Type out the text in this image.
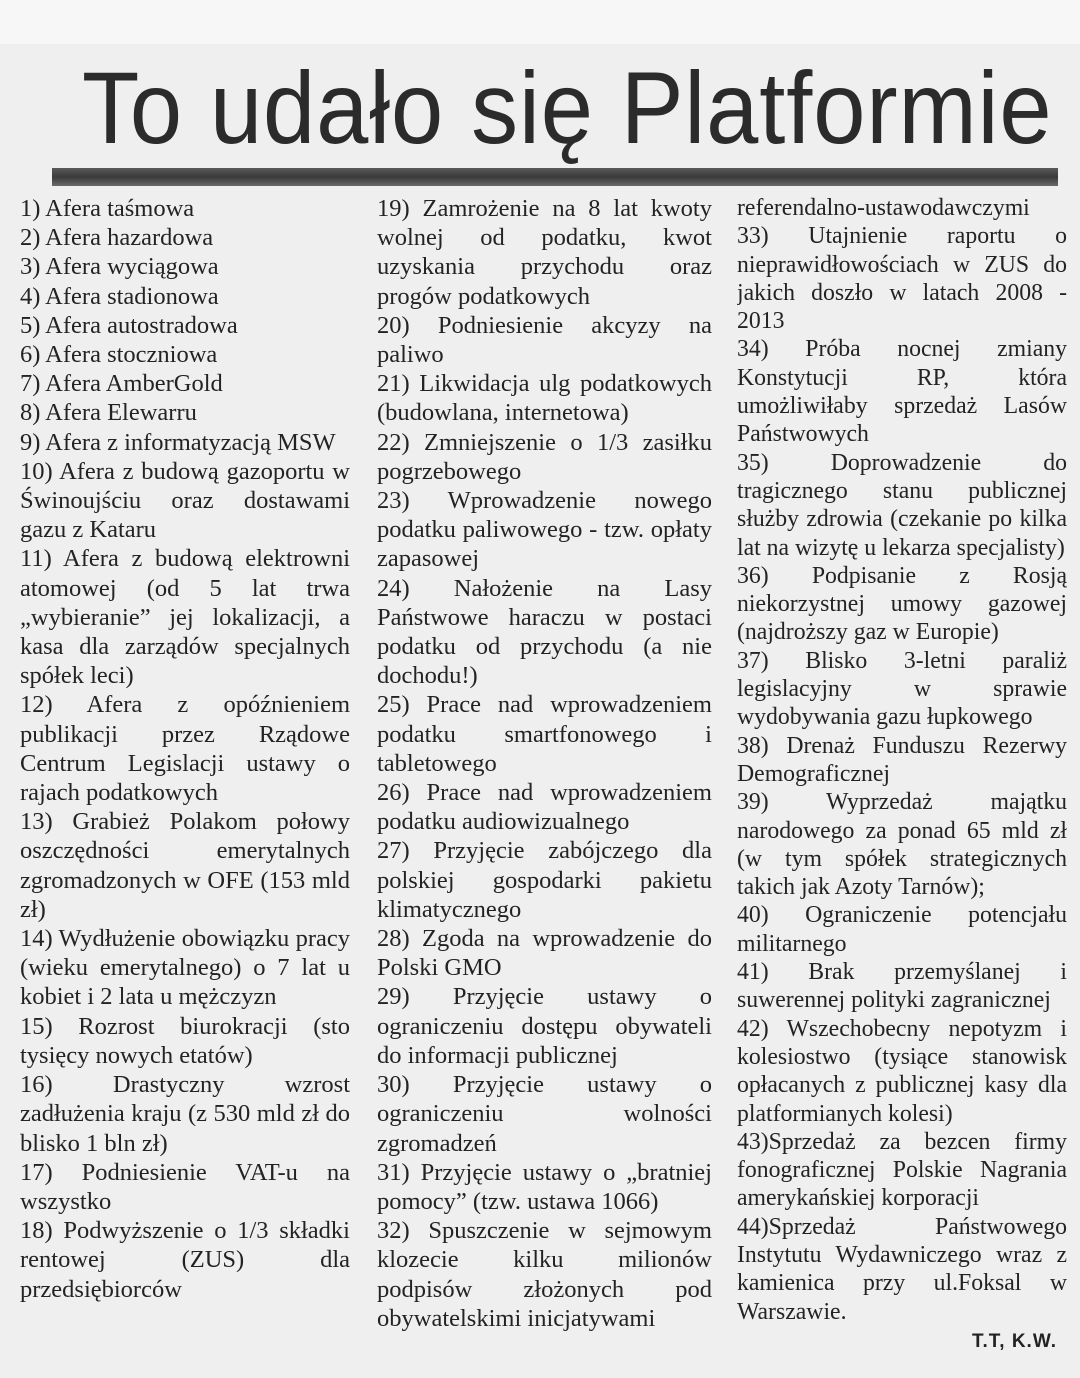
To udało się Platformie

1) Afera taśmowa

2) Afera hazardowa

3) Afera wyciągowa

4) Afera stadionowa

5) Afera autostradowa

6) Afera stoczniowa

7) Afera AmberGold

8) Afera Elewarru

9) Afera z informatyzacją MSW

10) Afera z budową gazoportu w Świnoujściu oraz dostawami gazu z Kataru

11) Afera z budową elektrowni atomowej (od 5 lat trwa „wybieranie” jej lokalizacji, a kasa dla zarządów specjalnych spółek leci)

12) Afera z opóźnieniem publikacji przez Rządowe Centrum Legislacji ustawy o rajach podatkowych

13) Grabież Polakom połowy oszczędności emerytalnych zgromadzonych w OFE (153 mld zł)

14) Wydłużenie obowiązku pracy (wieku emerytalnego) o 7 lat u kobiet i 2 lata u mężczyzn

15) Rozrost biurokracji (sto tysięcy nowych etatów)

16) Drastyczny wzrost zadłużenia kraju (z 530 mld zł do blisko 1 bln zł)

17) Podniesienie VAT-u na wszystko

18) Podwyższenie o 1/3 składki rentowej (ZUS) dla przedsiębiorców

19) Zamrożenie na 8 lat kwoty wolnej od podatku, kwot uzyskania przychodu oraz progów podatkowych

20) Podniesienie akcyzy na paliwo

21) Likwidacja ulg podatkowych (budowlana, internetowa)

22) Zmniejszenie o 1/3 zasiłku pogrzebowego

23) Wprowadzenie nowego podatku paliwowego - tzw. opłaty zapasowej

24) Nałożenie na Lasy Państwowe haraczu w postaci podatku od przychodu (a nie dochodu!)

25) Prace nad wprowadzeniem podatku smartfonowego i tabletowego

26) Prace nad wprowadzeniem podatku audiowizualnego

27) Przyjęcie zabójczego dla polskiej gospodarki pakietu klimatycznego

28) Zgoda na wprowadzenie do Polski GMO

29) Przyjęcie ustawy o ograniczeniu dostępu obywateli do informacji publicznej

30) Przyjęcie ustawy o ograniczeniu wolności zgromadzeń

31) Przyjęcie ustawy o „bratniej pomocy” (tzw. ustawa 1066)

32) Spuszczenie w sejmowym klozecie kilku milionów podpisów złożonych pod obywatelskimi inicjatywami

referendalno-ustawodawczymi

33) Utajnienie raportu o nieprawidłowościach w ZUS do jakich doszło w latach 2008 - 2013

34) Próba nocnej zmiany Konstytucji RP, która umożliwiłaby sprzedaż Lasów Państwowych

35) Doprowadzenie do tragicznego stanu publicznej służby zdrowia (czekanie po kilka lat na wizytę u lekarza specjalisty)

36) Podpisanie z Rosją niekorzystnej umowy gazowej (najdroższy gaz w Europie)

37) Blisko 3-letni paraliż legislacyjny w sprawie wydobywania gazu łupkowego

38) Drenaż Funduszu Rezerwy Demograficznej

39) Wyprzedaż majątku narodowego za ponad 65 mld zł (w tym spółek strategicznych takich jak Azoty Tarnów);

40) Ograniczenie potencjału militarnego

41) Brak przemyślanej i suwerennej polityki zagranicznej

42) Wszechobecny nepotyzm i kolesiostwo (tysiące stanowisk opłacanych z publicznej kasy dla platformianych kolesi)

43)Sprzedaż za bezcen firmy fonograficznej Polskie Nagrania amerykańskiej korporacji

44)Sprzedaż Państwowego Instytutu Wydawniczego wraz z kamienica przy ul.Foksal w Warszawie.

T.T, K.W.
